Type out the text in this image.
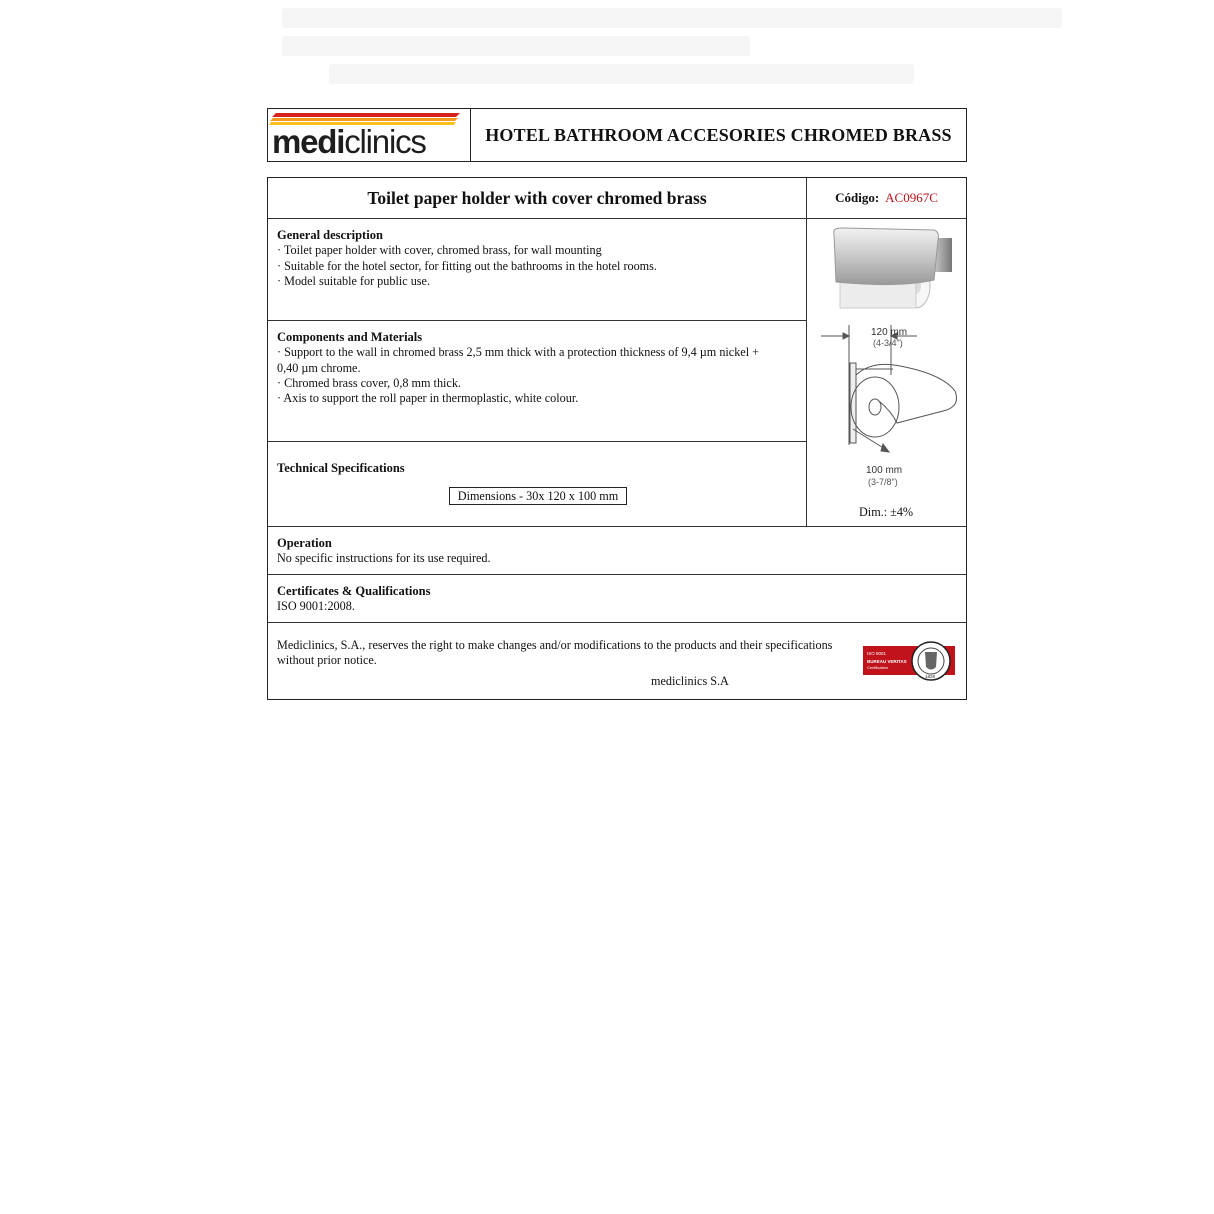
mediclinics	HOTEL BATHROOM ACCESORIES CHROMED BRASS
Toilet paper holder with cover chromed brass	Código: AC0967C
General description
· Toilet paper holder with cover, chromed brass, for wall mounting
· Suitable for the hotel sector, for fitting out the bathrooms in the hotel rooms.
· Model suitable for public use.
Components and Materials
· Support to the wall in chromed brass 2,5 mm thick with a protection thickness of 9,4 µm nickel +
0,40 µm chrome.
· Chromed brass cover, 0,8 mm thick.
· Axis to support the roll paper in thermoplastic, white colour.
Technical Specifications
Dimensions - 30x 120 x 100 mm
120 mm
(4-3/4")
100 mm
(3-7/8")
Dim.: ±4%
Operation
No specific instructions for its use required.
Certificates & Qualifications
ISO 9001:2008.
Mediclinics, S.A., reserves the right to make changes and/or modifications to the products and their specifications
without prior notice.
mediclinics S.A
ISO 9001
BUREAU VERITAS
Certification
1828
